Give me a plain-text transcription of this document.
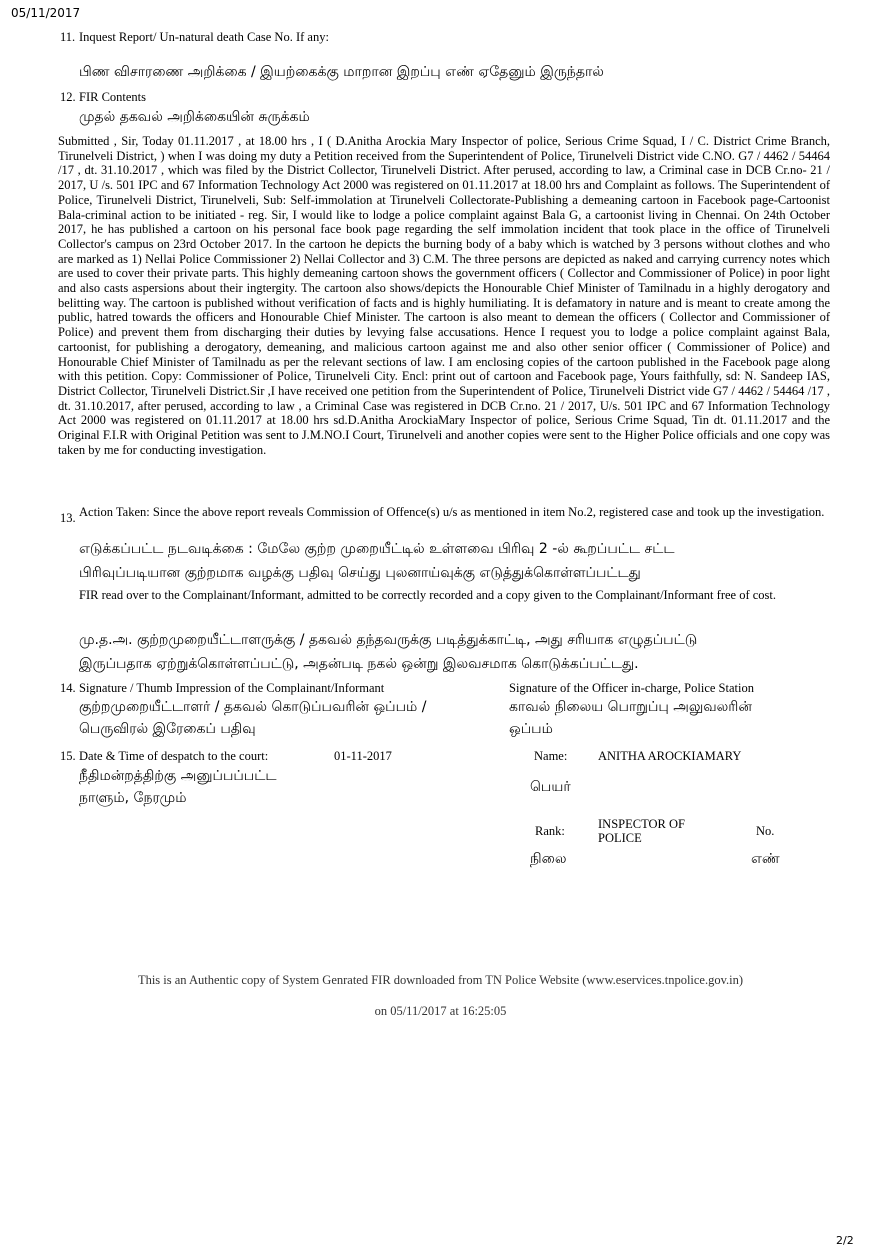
05/11/2017
11. Inquest Report/ Un-natural death Case No. If any:
பிண விசாரணை அறிக்கை / இயற்கைக்கு மாறான இறப்பு எண் ஏதேனும் இருந்தால்
12. FIR Contents
முதல் தகவல் அறிக்கையின் சுருக்கம்
Submitted , Sir, Today 01.11.2017 , at 18.00 hrs , I ( D.Anitha Arockia Mary Inspector of police, Serious Crime Squad, I / C. District Crime Branch, Tirunelveli District, ) when I was doing my duty a Petition received from the Superintendent of Police, Tirunelveli District vide C.NO. G7 / 4462 / 54464 /17 , dt. 31.10.2017 , which was filed by the District Collector, Tirunelveli District. After perused, according to law, a Criminal case in DCB Cr.no- 21 / 2017, U /s. 501 IPC and 67 Information Technology Act 2000 was registered on 01.11.2017 at 18.00 hrs and Complaint as follows. The Superintendent of Police, Tirunelveli District, Tirunelveli, Sub: Self-immolation at Tirunelveli Collectorate-Publishing a demeaning cartoon in Facebook page-Cartoonist Bala-criminal action to be initiated - reg. Sir, I would like to lodge a police complaint against Bala G, a cartoonist living in Chennai. On 24th October 2017, he has published a cartoon on his personal face book page regarding the self immolation incident that took place in the office of Tirunelveli Collector's campus on 23rd October 2017. In the cartoon he depicts the burning body of a baby which is watched by 3 persons without clothes and who are marked as 1) Nellai Police Commissioner 2) Nellai Collector and 3) C.M. The three persons are depicted as naked and carrying currency notes which are used to cover their private parts. This highly demeaning cartoon shows the government officers ( Collector and Commissioner of Police) in poor light and also casts aspersions about their ingtergity. The cartoon also shows/depicts the Honourable Chief Minister of Tamilnadu in a highly derogatory and belitting way. The cartoon is published without verification of facts and is highly humiliating. It is defamatory in nature and is meant to create among the public, hatred towards the officers and Honourable Chief Minister. The cartoon is also meant to demean the officers ( Collector and Commissioner of Police) and prevent them from discharging their duties by levying false accusations. Hence I request you to lodge a police complaint against Bala, cartoonist, for publishing a derogatory, demeaning, and malicious cartoon against me and also other senior officer ( Commissioner of Police) and Honourable Chief Minister of Tamilnadu as per the relevant sections of law. I am enclosing copies of the cartoon published in the Facebook page along with this petition. Copy: Commissioner of Police, Tirunelveli City. Encl: print out of cartoon and Facebook page, Yours faithfully, sd: N. Sandeep IAS, District Collector, Tirunelveli District.Sir ,I have received one petition from the Superintendent of Police, Tirunelveli District vide G7 / 4462 / 54464 /17 , dt. 31.10.2017, after perused, according to law , a Criminal Case was registered in DCB Cr.no. 21 / 2017, U/s. 501 IPC and 67 Information Technology Act 2000 was registered on 01.11.2017 at 18.00 hrs sd.D.Anitha ArockiaMary Inspector of police, Serious Crime Squad, Tin dt. 01.11.2017 and the Original F.I.R with Original Petition was sent to J.M.NO.I Court, Tirunelveli and another copies were sent to the Higher Police officials and one copy was taken by me for conducting investigation.
13. Action Taken: Since the above report reveals Commission of Offence(s) u/s as mentioned in item No.2, registered case and took up the investigation.
எடுக்கப்பட்ட நடவடிக்கை : மேலே குற்ற முறையீட்டில் உள்ளவை பிரிவு 2 -ல் கூறப்பட்ட சட்ட
பிரிவுப்படியான குற்றமாக வழக்கு பதிவு செய்து புலனாய்வுக்கு எடுத்துக்கொள்ளப்பட்டது
FIR read over to the Complainant/Informant, admitted to be correctly recorded and a copy given to the Complainant/Informant free of cost.
மு.த.அ. குற்றமுறையீட்டாளருக்கு / தகவல் தந்தவருக்கு படித்துக்காட்டி, அது சரியாக எழுதப்பட்டு
இருப்பதாக ஏற்றுக்கொள்ளப்பட்டு, அதன்படி நகல் ஒன்று இலவசமாக கொடுக்கப்பட்டது.
14. Signature / Thumb Impression of the Complainant/Informant
குற்றமுறையீட்டாளர் / தகவல் கொடுப்பவரின் ஒப்பம் /
பெருவிரல் இரேகைப் பதிவு
Signature of the Officer in-charge, Police Station
காவல் நிலைய பொறுப்பு அலுவலரின்
ஒப்பம்
15. Date & Time of despatch to the court:	01-11-2017
நீதிமன்றத்திற்கு அனுப்பப்பட்ட
நாளும், நேரமும்
Name: ANITHA AROCKIAMARY
பெயர்
Rank:	INSPECTOR OF
POLICE	No.
நிலை	எண்
This is an Authentic copy of System Genrated FIR downloaded from TN Police Website (www.eservices.tnpolice.gov.in)
on 05/11/2017 at 16:25:05
2/2
